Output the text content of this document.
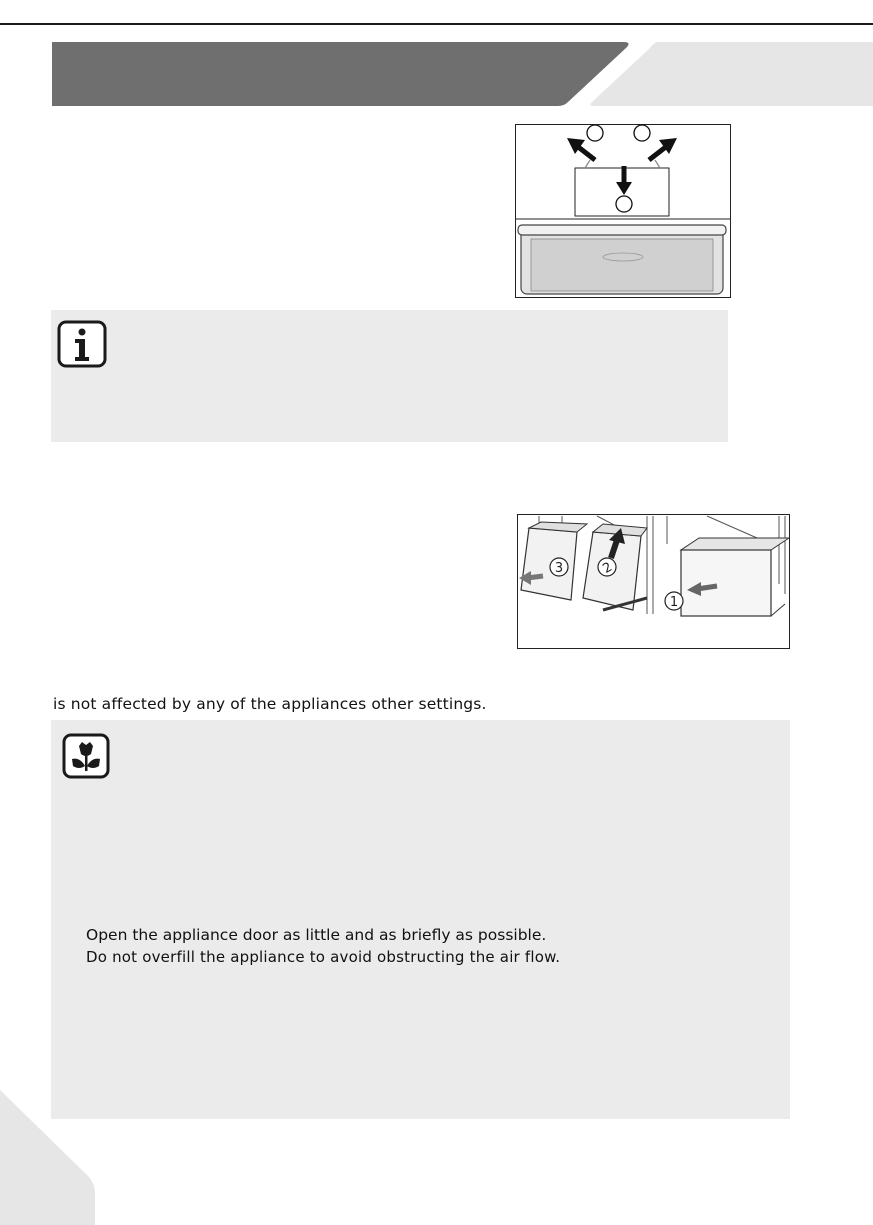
3	2
1
is not affected by any of the appliances other settings.
Open the appliance door as little and as briefly as possible.
Do not overfill the appliance to avoid obstructing the air flow.
